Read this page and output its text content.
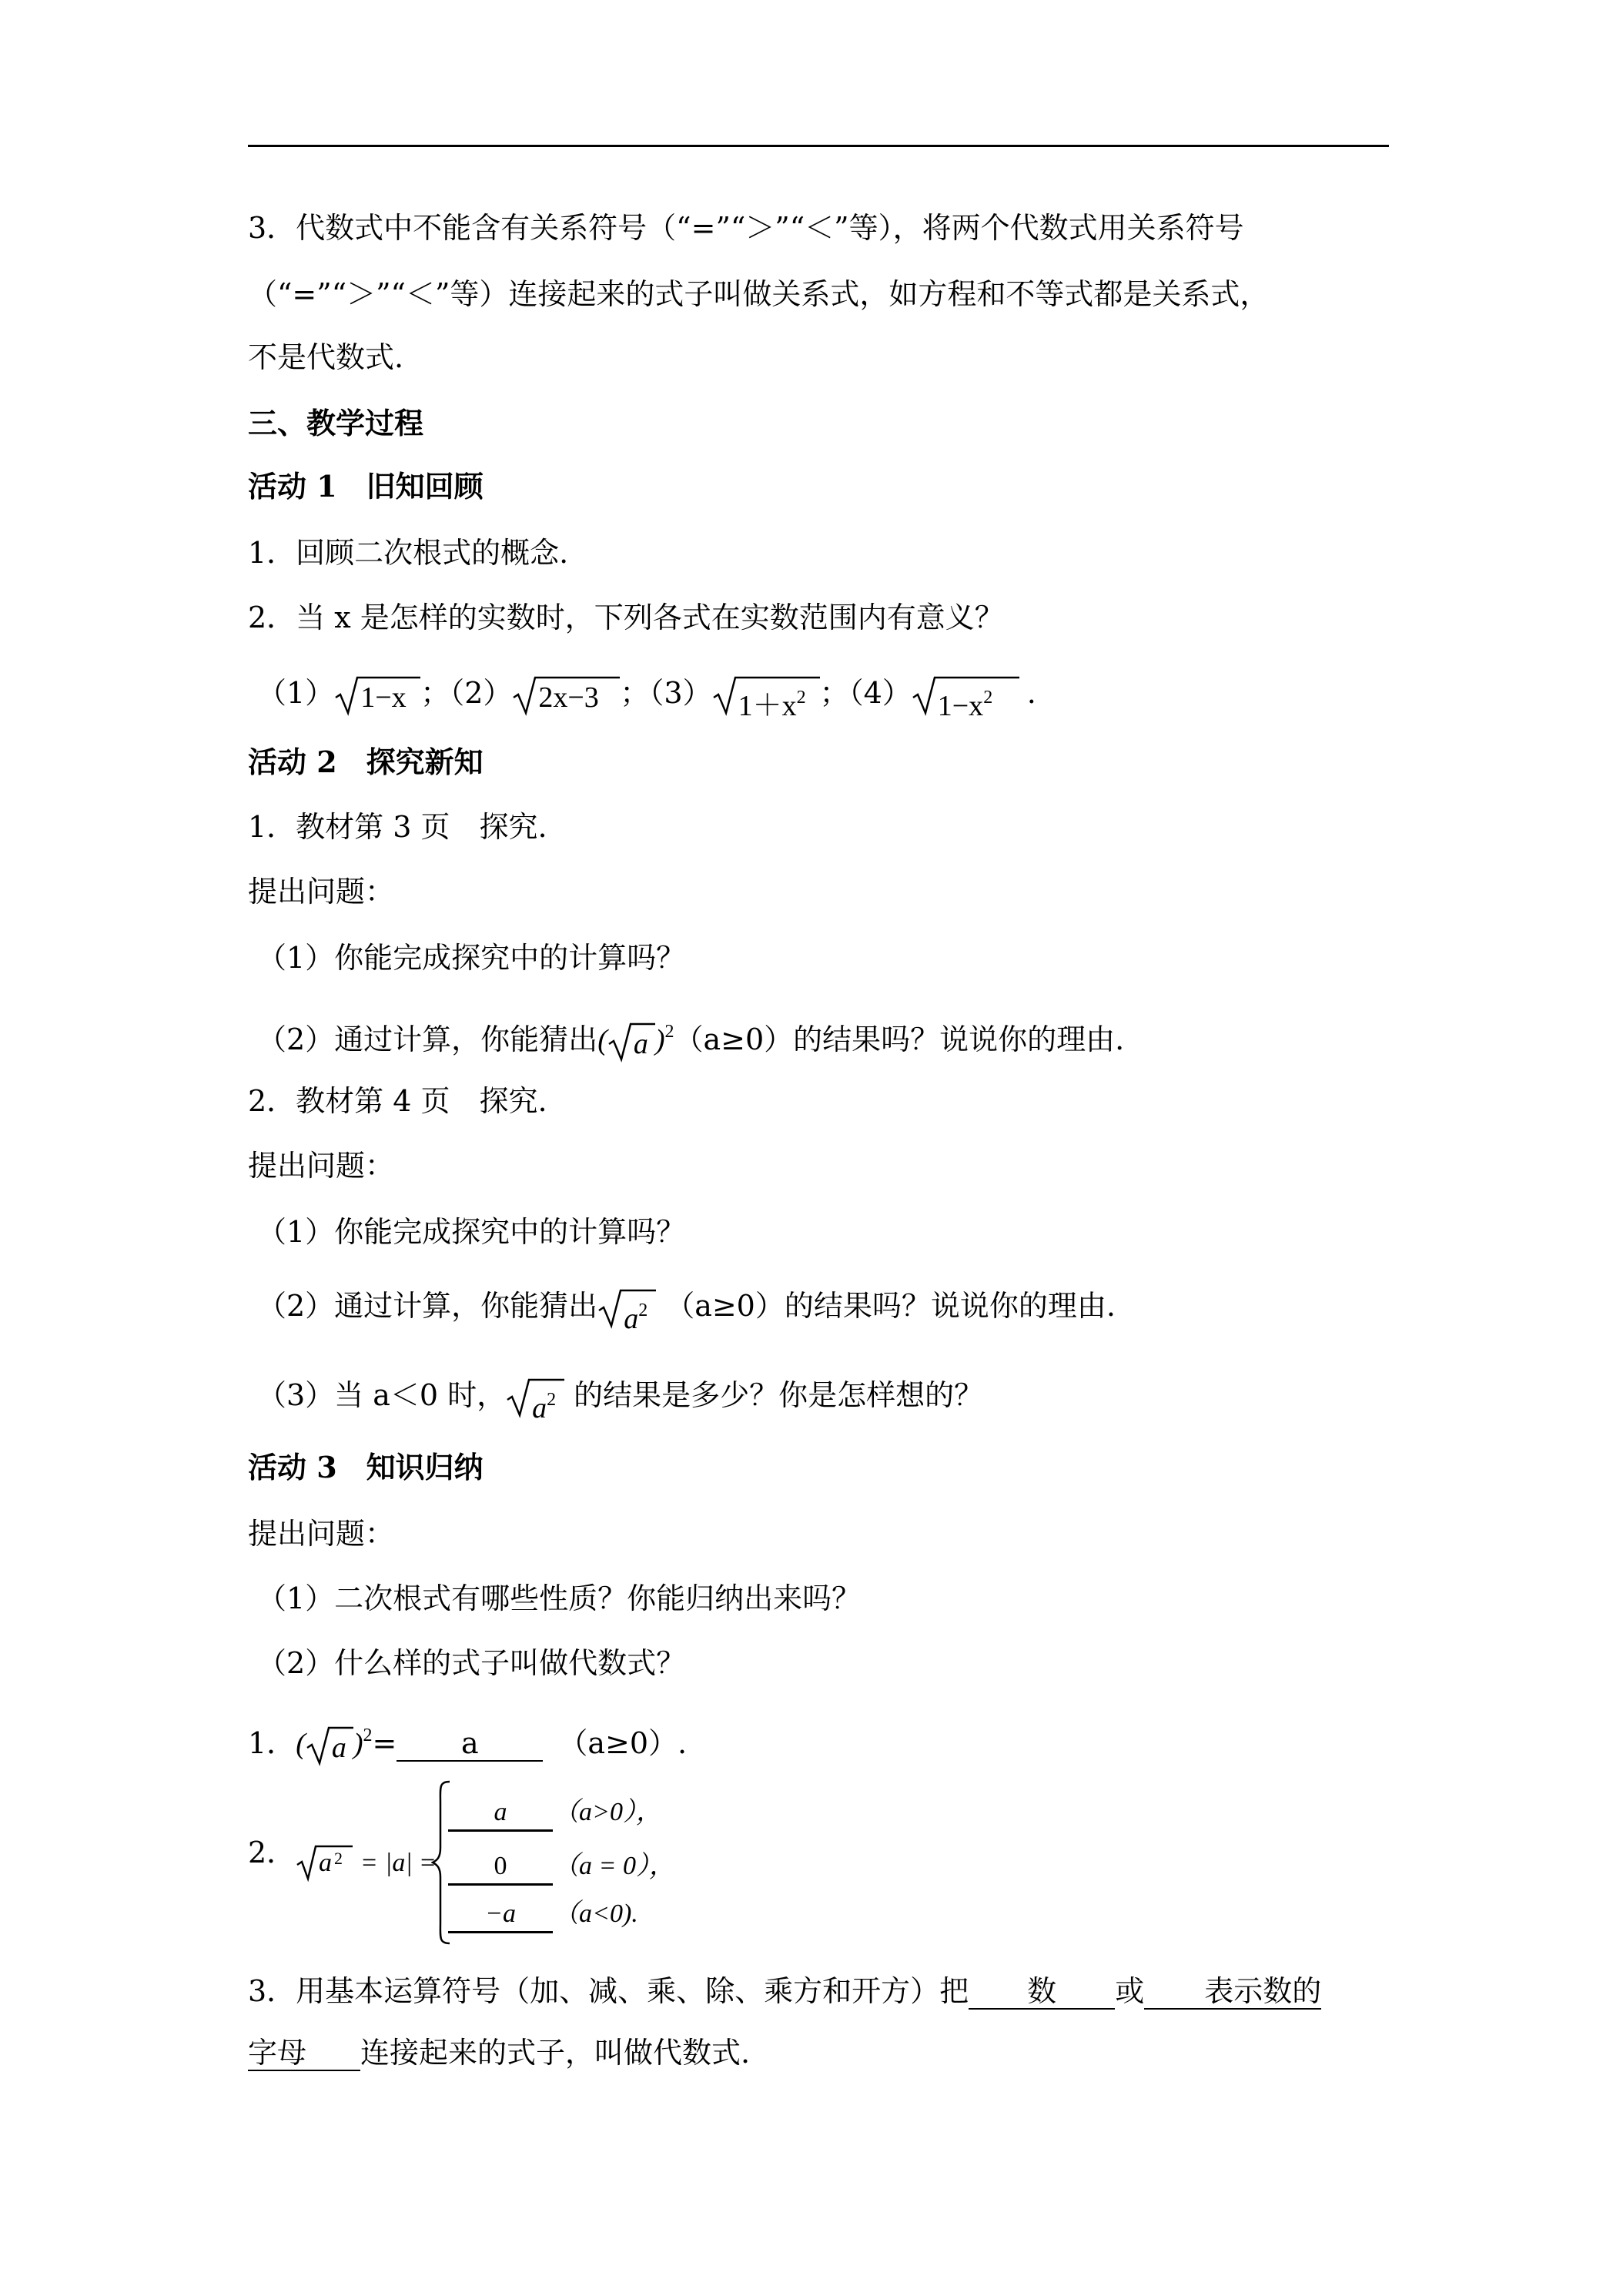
3．代数式中不能含有关系符号（“=”“＞”“＜”等），将两个代数式用关系符号
（“=”“＞”“＜”等）连接起来的式子叫做关系式，如方程和不等式都是关系式，
不是代数式.
三、教学过程
活动 1　旧知回顾
1．回顾二次根式的概念.
2．当 x 是怎样的实数时，下列各式在实数范围内有意义？
（1） 1−x ；（2） 2x−3 ；（3） $1+x^2$ ；（4） $1-x^2$ .
活动 2　探究新知
1．教材第 3 页　探究.
提出问题：
（1）你能完成探究中的计算吗？
（2）通过计算，你能猜出( a )$^2$（a≥0）的结果吗？说说你的理由.
2．教材第 4 页　探究.
提出问题：
（1）你能完成探究中的计算吗？
（2）通过计算，你能猜出 $a^2$ （a≥0）的结果吗？说说你的理由.
（3）当 a＜0 时， $a^2$ 的结果是多少？你是怎样想的？
活动 3　知识归纳
提出问题：
（1）二次根式有哪些性质？你能归纳出来吗？
（2）什么样的式子叫做代数式？
1．( a )$^2$= a	（a≥0）.
2． a 2 = |a| =
a	（a>0），
0	（a = 0），
−a	（a<0).
3．用基本运算符号（加、减、乘、除、乘方和开方）把 数 或 表示数的
字母 连接起来的式子，叫做代数式.
